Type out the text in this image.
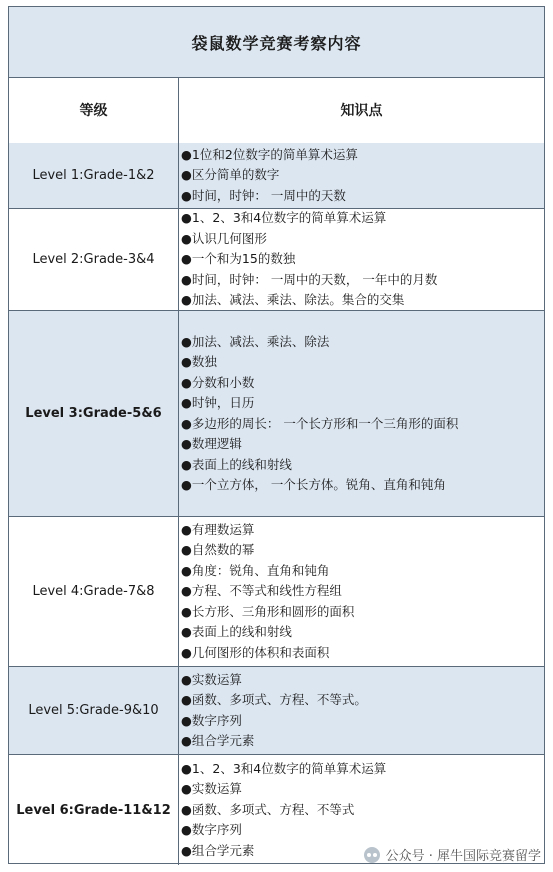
袋鼠数学竞赛考察内容
等级	知识点
Level 1:Grade-1&2
●1位和2位数字的简单算术运算
●区分简单的数字
●时间，时钟： 一周中的天数
Level 2:Grade-3&4
●1、2、3和4位数字的简单算术运算
●认识几何图形
●一个和为15的数独
●时间，时钟： 一周中的天数， 一年中的月数
●加法、减法、乘法、除法。集合的交集
Level 3:Grade-5&6
●加法、减法、乘法、除法
●数独
●分数和小数
●时钟，日历
●多边形的周长： 一个长方形和一个三角形的面积
●数理逻辑
●表面上的线和射线
●一个立方体， 一个长方体。锐角、直角和钝角
Level 4:Grade-7&8
●有理数运算
●自然数的幂
●角度：锐角、直角和钝角
●方程、不等式和线性方程组
●长方形、三角形和圆形的面积
●表面上的线和射线
●几何图形的体积和表面积
Level 5:Grade-9&10
●实数运算
●函数、多项式、方程、不等式。
●数字序列
●组合学元素
Level 6:Grade-11&12
●1、2、3和4位数字的简单算术运算
●实数运算
●函数、多项式、方程、不等式
●数字序列
●组合学元素	公众号 · 犀牛国际竞赛留学
